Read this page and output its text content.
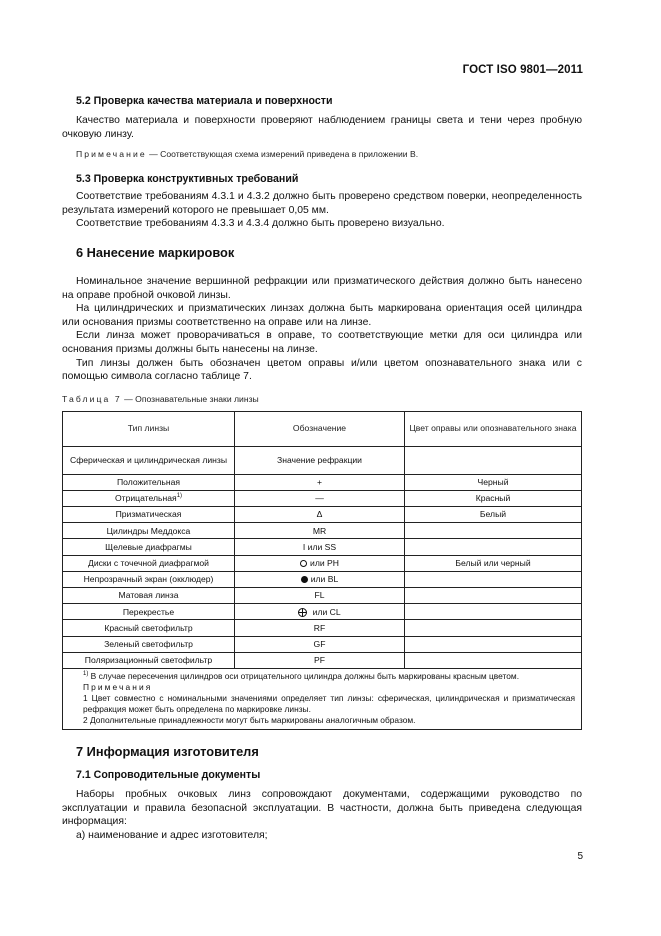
ГОСТ ISO 9801—2011
5.2 Проверка качества материала и поверхности

Качество материала и поверхности проверяют наблюдением границы света и тени через пробную очковую линзу.

Примечание — Соответствующая схема измерений приведена в приложении В.

5.3 Проверка конструктивных требований

Соответствие требованиям 4.3.1 и 4.3.2 должно быть проверено средством поверки, неопределенность результата измерений которого не превышает 0,05 мм.

Соответствие требованиям 4.3.3 и 4.3.4 должно быть проверено визуально.

6 Нанесение маркировок

Номинальное значение вершинной рефракции или призматического действия должно быть нанесено на оправе пробной очковой линзы.

На цилиндрических и призматических линзах должна быть маркирована ориентация осей цилиндра или основания призмы соответственно на оправе или на линзе.

Если линза может проворачиваться в оправе, то соответствующие метки для оси цилиндра или основания призмы должны быть нанесены на линзе.

Тип линзы должен быть обозначен цветом оправы и/или цветом опознавательного знака или с помощью символа согласно таблице 7.

Таблица 7 — Опознавательные знаки линзы
Тип линзы	Обозначение	Цвет оправы или опознавательного знака
Сферическая и цилиндрическая линзы	Значение рефракции	
Положительная	+	Черный
Отрицательная$^{1)}$	—	Красный
Призматическая	Δ	Белый
Цилиндры Меддокса	MR	
Щелевые диафрагмы	I или SS	
Диски с точечной диафрагмой	или PH	Белый или черный
Непрозрачный экран (окклюдер)	или BL	
Матовая линза	FL	
Перекрестье	или CL	
Красный светофильтр	RF	
Зеленый светофильтр	GF	
Поляризационный светофильтр	PF	

$^{1)}$ В случае пересечения цилиндров оси отрицательного цилиндра должны быть маркированы красным цветом.
Примечания
1 Цвет совместно с номинальными значениями определяет тип линзы: сферическая, цилиндрическая и призматическая рефракция может быть определена по маркировке линзы.
2 Дополнительные принадлежности могут быть маркированы аналогичным образом.		
7 Информация изготовителя
7.1 Сопроводительные документы

Наборы пробных очковых линз сопровождают документами, содержащими руководство по эксплуатации и правила безопасной эксплуатации. В частности, должна быть приведена следующая информация:

а) наименование и адрес изготовителя;

5
